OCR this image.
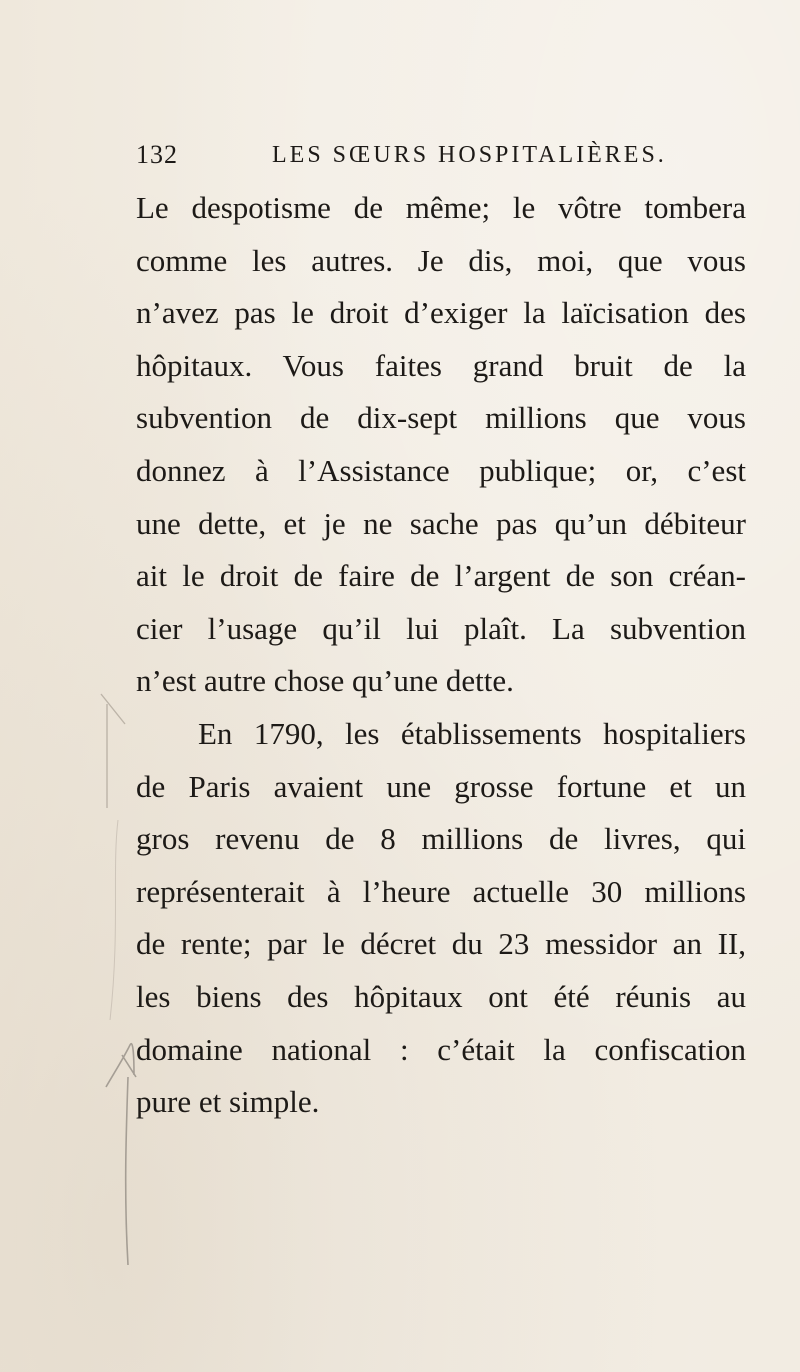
132	LES SŒURS HOSPITALIÈRES.
Le despotisme de même; le vôtre tombera
comme les autres. Je dis, moi, que vous
n’avez pas le droit d’exiger la laïcisation des
hôpitaux. Vous faites grand bruit de la
subvention de dix-sept millions que vous
donnez à l’Assistance publique; or, c’est
une dette, et je ne sache pas qu’un débiteur
ait le droit de faire de l’argent de son créan-
cier l’usage qu’il lui plaît. La subvention
n’est autre chose qu’une dette.
En 1790, les établissements hospitaliers
de Paris avaient une grosse fortune et un
gros revenu de 8 millions de livres, qui
représenterait à l’heure actuelle 30 millions
de rente; par le décret du 23 messidor an II,
les biens des hôpitaux ont été réunis au
domaine national : c’était la confiscation
pure et simple.
